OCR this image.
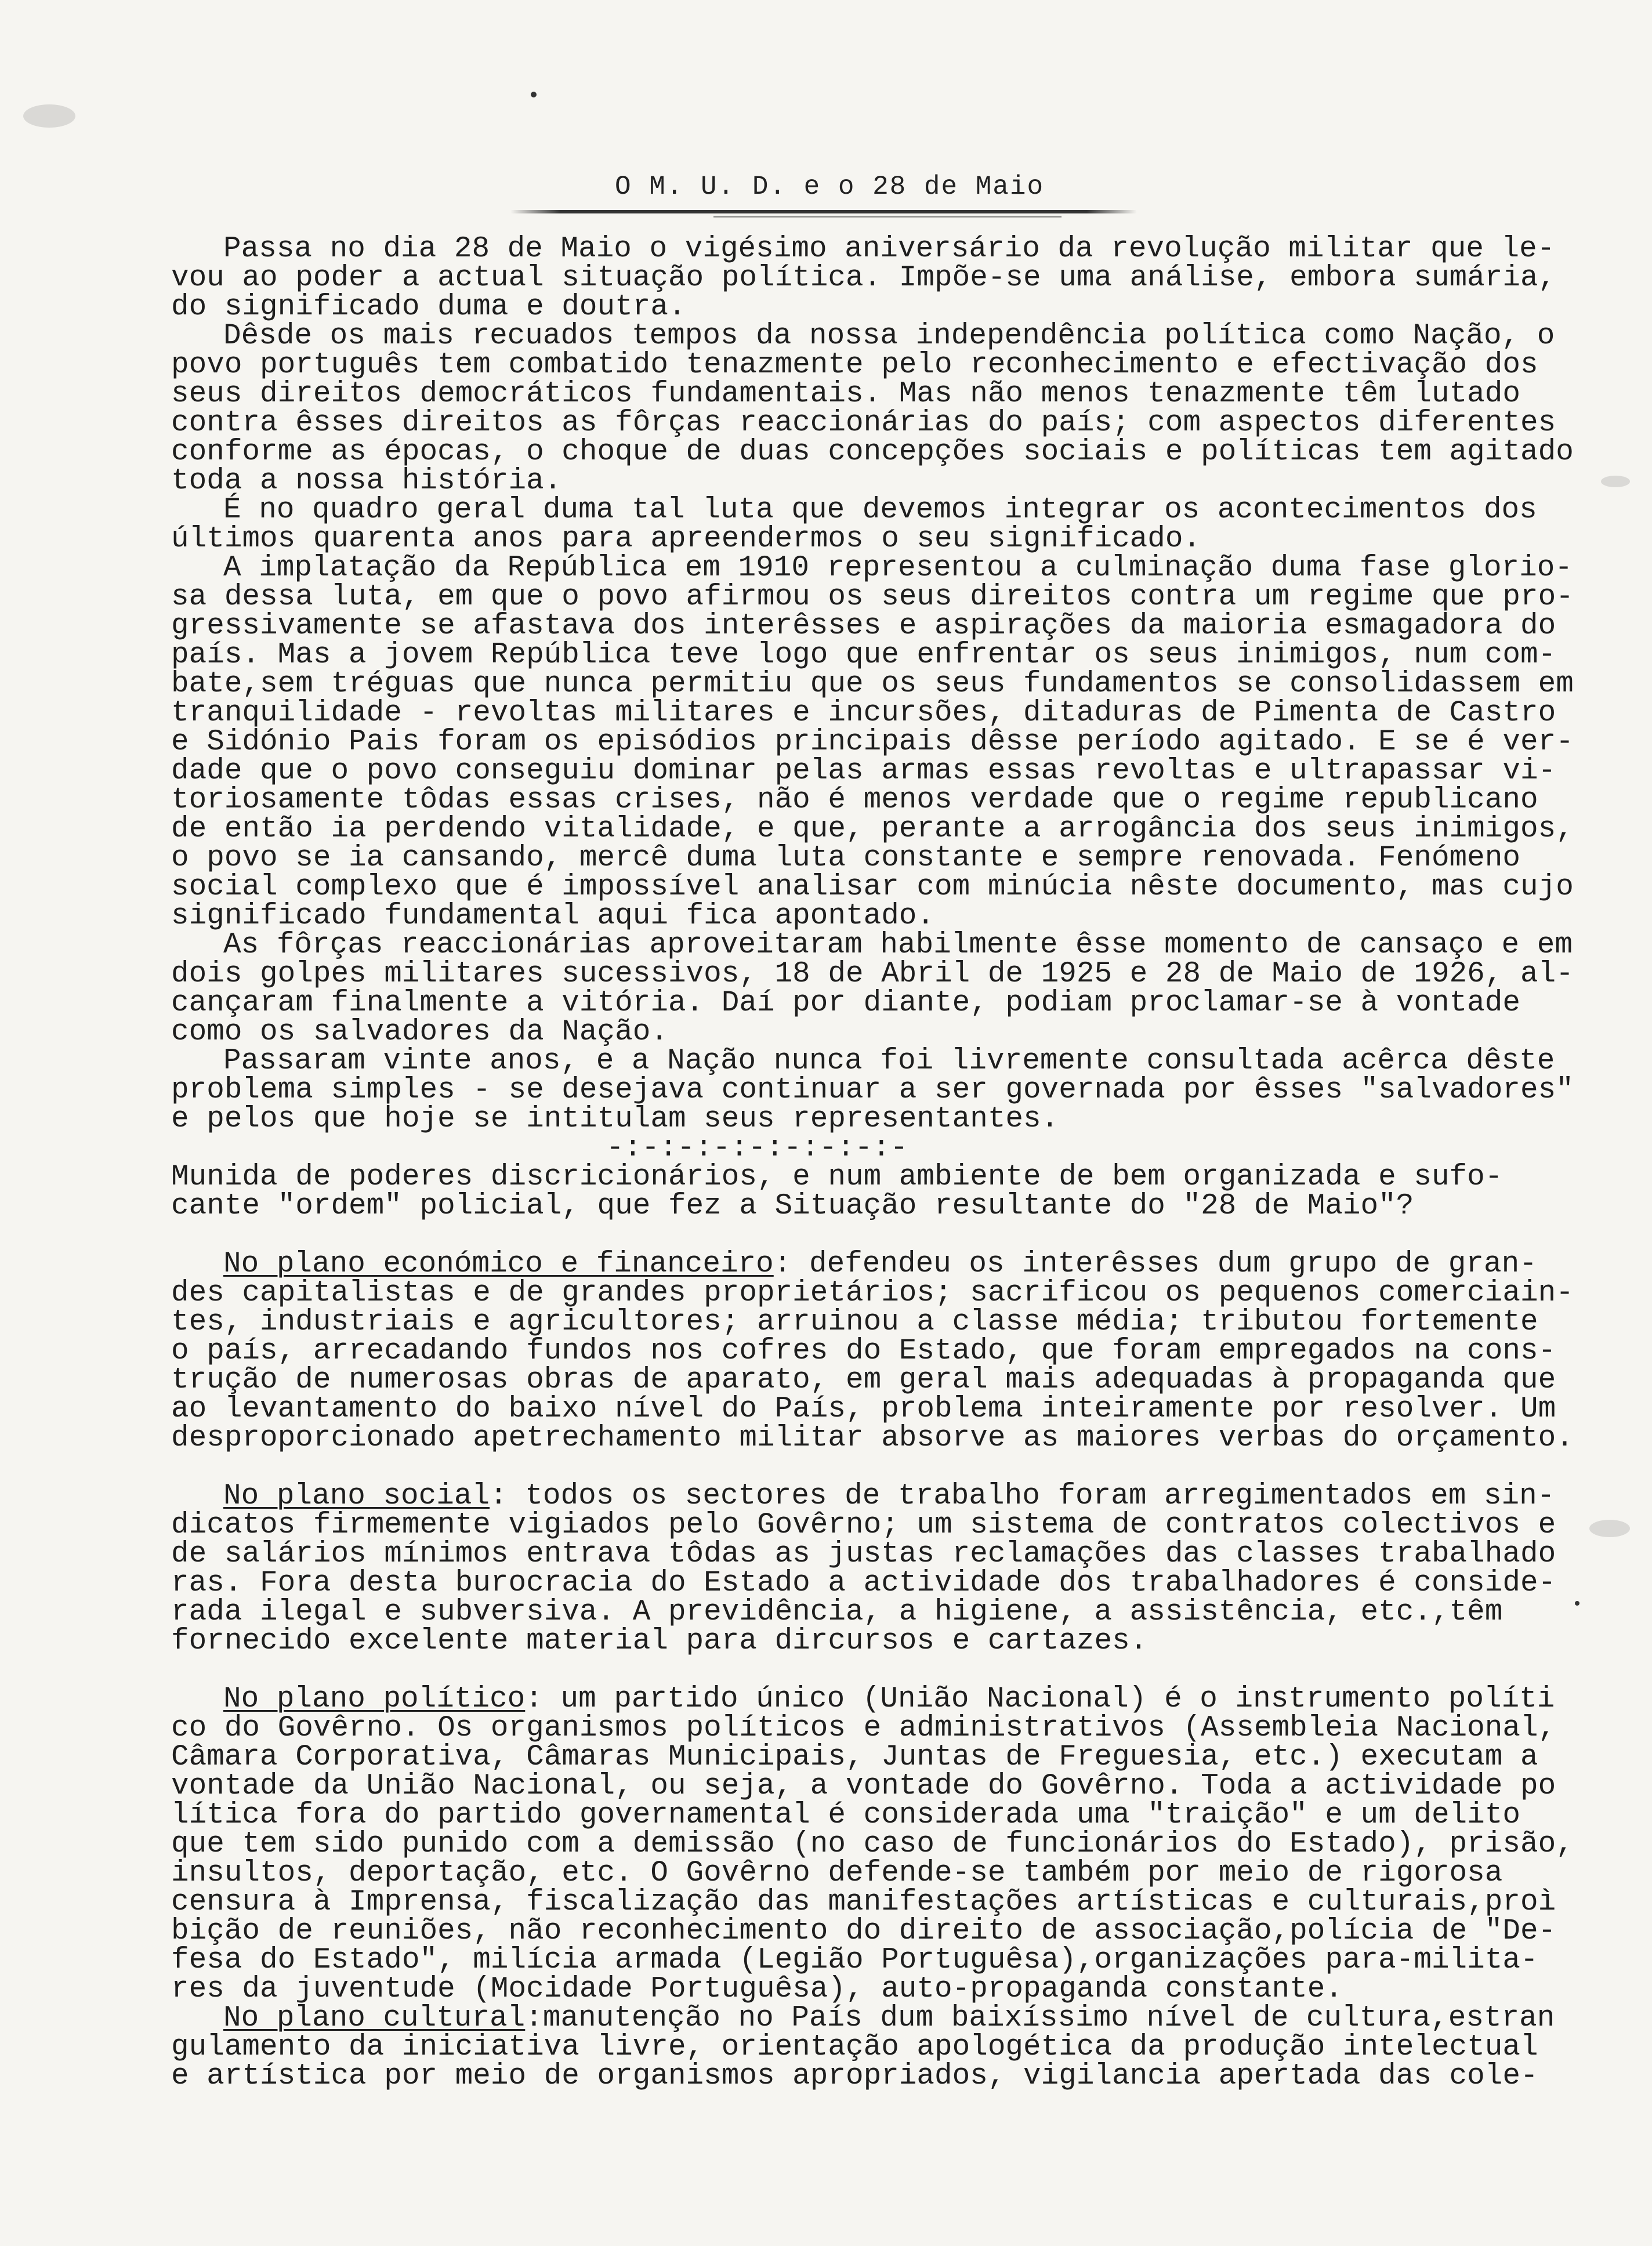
O M. U. D. e o 28 de Maio
Passa no dia 28 de Maio o vigésimo aniversário da revolução militar que le-
vou ao poder a actual situação política. Impõe-se uma análise, embora sumária,
do significado duma e doutra.
Dêsde os mais recuados tempos da nossa independência política como Nação, o
povo português tem combatido tenazmente pelo reconhecimento e efectivação dos
seus direitos democráticos fundamentais. Mas não menos tenazmente têm lutado
contra êsses direitos as fôrças reaccionárias do país; com aspectos diferentes
conforme as épocas, o choque de duas concepções sociais e políticas tem agitado
toda a nossa história.
É no quadro geral duma tal luta que devemos integrar os acontecimentos dos
últimos quarenta anos para apreendermos o seu significado.
A implatação da República em 1910 representou a culminação duma fase glorio-
sa dessa luta, em que o povo afirmou os seus direitos contra um regime que pro-
gressivamente se afastava dos interêsses e aspirações da maioria esmagadora do
país. Mas a jovem República teve logo que enfrentar os seus inimigos, num com-
bate,sem tréguas que nunca permitiu que os seus fundamentos se consolidassem em
tranquilidade - revoltas militares e incursões, ditaduras de Pimenta de Castro
e Sidónio Pais foram os episódios principais dêsse período agitado. E se é ver-
dade que o povo conseguiu dominar pelas armas essas revoltas e ultrapassar vi-
toriosamente tôdas essas crises, não é menos verdade que o regime republicano
de então ia perdendo vitalidade, e que, perante a arrogância dos seus inimigos,
o povo se ia cansando, mercê duma luta constante e sempre renovada. Fenómeno
social complexo que é impossível analisar com minúcia nêste documento, mas cujo
significado fundamental aqui fica apontado.
As fôrças reaccionárias aproveitaram habilmente êsse momento de cansaço e em
dois golpes militares sucessivos, 18 de Abril de 1925 e 28 de Maio de 1926, al-
cançaram finalmente a vitória. Daí por diante, podiam proclamar-se à vontade
como os salvadores da Nação.
Passaram vinte anos, e a Nação nunca foi livremente consultada acêrca dêste
problema simples - se desejava continuar a ser governada por êsses "salvadores"
e pelos que hoje se intitulam seus representantes.
-:-:-:-:-:-:-:-:-
Munida de poderes discricionários, e num ambiente de bem organizada e sufo-
cante "ordem" policial, que fez a Situação resultante do "28 de Maio"?
No plano económico e financeiro: defendeu os interêsses dum grupo de gran-
des capitalistas e de grandes proprietários; sacrificou os pequenos comerciain-
tes, industriais e agricultores; arruinou a classe média; tributou fortemente
o país, arrecadando fundos nos cofres do Estado, que foram empregados na cons-
trução de numerosas obras de aparato, em geral mais adequadas à propaganda que
ao levantamento do baixo nível do País, problema inteiramente por resolver. Um
desproporcionado apetrechamento militar absorve as maiores verbas do orçamento.
No plano social: todos os sectores de trabalho foram arregimentados em sin-
dicatos firmemente vigiados pelo Govêrno; um sistema de contratos colectivos e
de salários mínimos entrava tôdas as justas reclamações das classes trabalhado
ras. Fora desta burocracia do Estado a actividade dos trabalhadores é conside-
rada ilegal e subversiva. A previdência, a higiene, a assistência, etc.,têm
fornecido excelente material para dircursos e cartazes.
No plano político: um partido único (União Nacional) é o instrumento políti
co do Govêrno. Os organismos políticos e administrativos (Assembleia Nacional,
Câmara Corporativa, Câmaras Municipais, Juntas de Freguesia, etc.) executam a
vontade da União Nacional, ou seja, a vontade do Govêrno. Toda a actividade po
lítica fora do partido governamental é considerada uma "traição" e um delito
que tem sido punido com a demissão (no caso de funcionários do Estado), prisão,
insultos, deportação, etc. O Govêrno defende-se também por meio de rigorosa
censura à Imprensa, fiscalização das manifestações artísticas e culturais,proì
bição de reuniões, não reconhecimento do direito de associação,polícia de "De-
fesa do Estado", milícia armada (Legião Portuguêsa),organizações para-milita-
res da juventude (Mocidade Portuguêsa), auto-propaganda constante.
No plano cultural:manutenção no País dum baixíssimo nível de cultura,estran
gulamento da iniciativa livre, orientação apologética da produção intelectual
e artística por meio de organismos apropriados, vigilancia apertada das cole-
